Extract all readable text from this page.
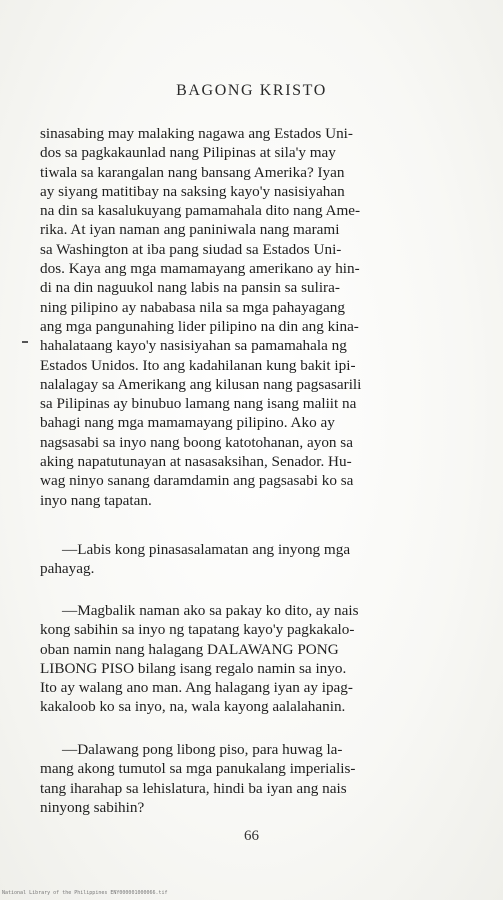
BAGONG KRISTO
sinasabing may malaking nagawa ang Estados Uni-
dos sa pagkakaunlad nang Pilipinas at sila'y may
tiwala sa karangalan nang bansang Amerika? Iyan
ay siyang matitibay na saksing kayo'y nasisiyahan
na din sa kasalukuyang pamamahala dito nang Ame-
rika. At iyan naman ang paniniwala nang marami
sa Washington at iba pang siudad sa Estados Uni-
dos. Kaya ang mga mamamayang amerikano ay hin-
di na din naguukol nang labis na pansin sa sulira-
ning pilipino ay nababasa nila sa mga pahayagang
ang mga pangunahing lider pilipino na din ang kina-
hahalataang kayo'y nasisiyahan sa pamamahala ng
Estados Unidos. Ito ang kadahilanan kung bakit ipi-
nalalagay sa Amerikang ang kilusan nang pagsasarili
sa Pilipinas ay binubuo lamang nang isang maliit na
bahagi nang mga mamamayang pilipino. Ako ay
nagsasabi sa inyo nang boong katotohanan, ayon sa
aking napatutunayan at nasasaksihan, Senador. Hu-
wag ninyo sanang daramdamin ang pagsasabi ko sa
inyo nang tapatan.
—Labis kong pinasasalamatan ang inyong mga
pahayag.
—Magbalik naman ako sa pakay ko dito, ay nais
kong sabihin sa inyo ng tapatang kayo'y pagkakalo-
oban namin nang halagang DALAWANG PONG
LIBONG PISO bilang isang regalo namin sa inyo.
Ito ay walang ano man. Ang halagang iyan ay ipag-
kakaloob ko sa inyo, na, wala kayong aalalahanin.
—Dalawang pong libong piso, para huwag la-
mang akong tumutol sa mga panukalang imperialis-
tang iharahap sa lehislatura, hindi ba iyan ang nais
ninyong sabihin?
66
National Library of the Philippines ENY000001000066.tif
